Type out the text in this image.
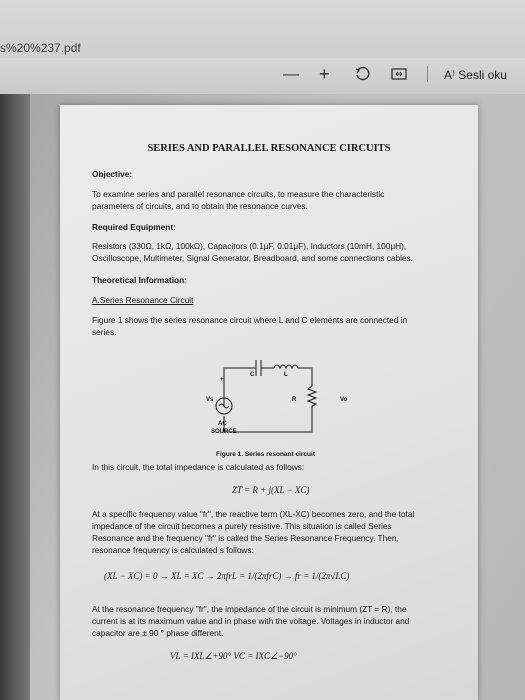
s%20%237.pdf
— +	A⁾ Sesli oku
SERIES AND PARALLEL RESONANCE CIRCUITS
Objective:
To examine series and parallel resonance circuits, to measure the characteristic
parameters of circuits, and to obtain the resonance curves.
Required Equipment:
Resistors (330Ω, 1kΩ, 100kΩ), Capacitors (0.1μF, 0.01μF), Inductors (10mH, 100μH),
Oscilloscope, Multimeter, Signal Generator, Breadboard, and some connections cables.
Theoretical Information:
A.Series Resonance Circuit
Figure 1 shows the series resonance circuit where L and C elements are connected in
series.
C	L
R
Vs	Vo
+
AC
SOURCE
Figure 1. Series resonant circuit
In this circuit, the total impedance is calculated as follows:
ZT = R + j(XL − XC)
At a specific frequency value "fr", the reactive term (XL-XC) becomes zero, and the total
impedance of the circuit becomes a purely resistive. This situation is called Series
Resonance and the frequency "fr" is called the Series Resonance Frequency. Then,
resonance frequency is calculated s follows:
(XL − XC) = 0 → XL = XC → 2πfrL = 1/(2πfrC) → fr = 1/(2π√LC)
At the resonance frequency "fr", the impedance of the circuit is minimum (ZT = R), the
current is at its maximum value and in phase with the voltage. Voltages in inductor and
capacitor are ± 90 ° phase different.
VL = IXL∠+90° VC = IXC∠−90°
